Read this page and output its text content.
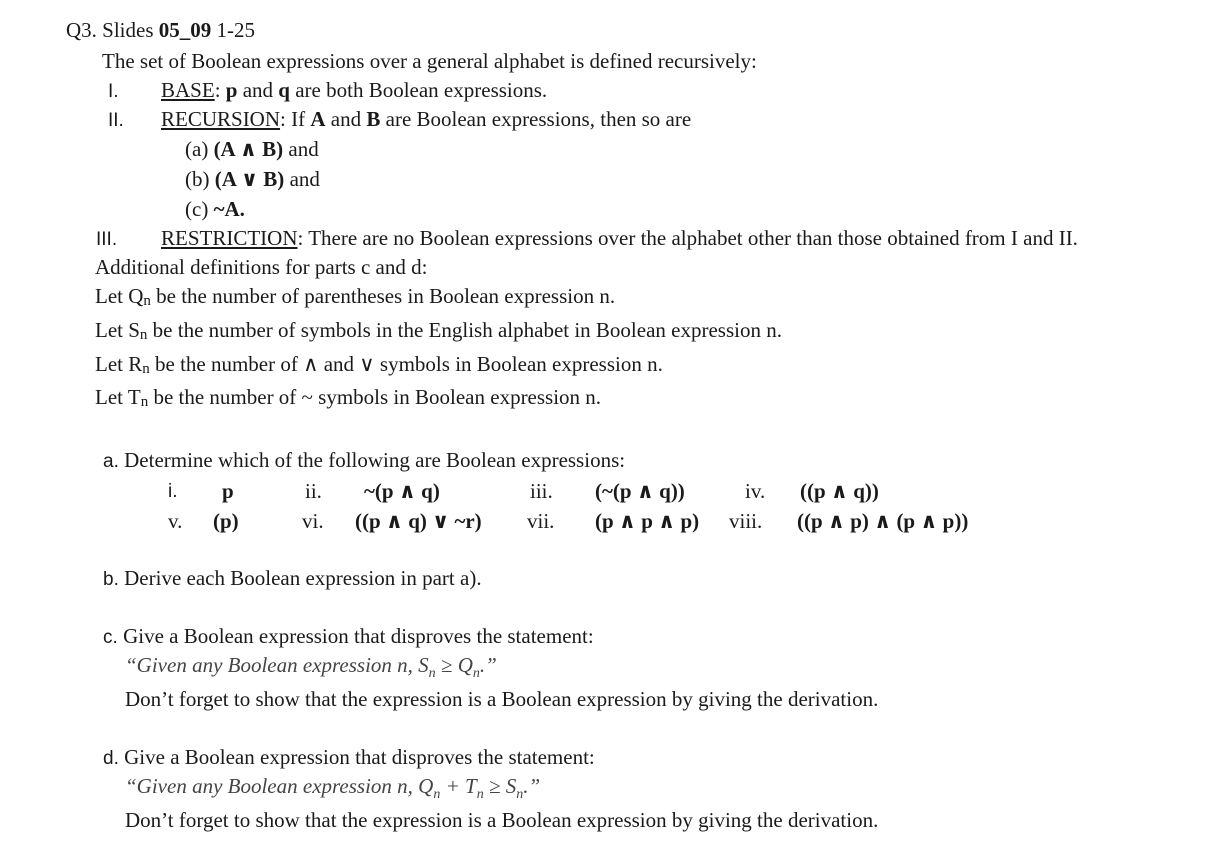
Q3. Slides 05_09 1-25
The set of Boolean expressions over a general alphabet is defined recursively:
I. BASE: p and q are both Boolean expressions.
II. RECURSION: If A and B are Boolean expressions, then so are
(a) (A ∧ B) and
(b) (A ∨ B) and
(c) ~A.
III. RESTRICTION: There are no Boolean expressions over the alphabet other than those obtained from I and II.
Additional definitions for parts c and d:
Let $Q_n$ be the number of parentheses in Boolean expression n.
Let $S_n$ be the number of symbols in the English alphabet in Boolean expression n.
Let $R_n$ be the number of ∧ and ∨ symbols in Boolean expression n.
Let $T_n$ be the number of ~ symbols in Boolean expression n.
a. Determine which of the following are Boolean expressions:
i. p	ii. ~(p ∧ q)	iii. (~(p ∧ q))	iv. ((p ∧ q))
v. (p)	vi. ((p ∧ q) ∨ ~r) vii. (p ∧ p ∧ p) viii. ((p ∧ p) ∧ (p ∧ p))
b. Derive each Boolean expression in part a).
c. Give a Boolean expression that disproves the statement:
“Given any Boolean expression n, $S_n \ge Q_n$.”
Don’t forget to show that the expression is a Boolean expression by giving the derivation.
d. Give a Boolean expression that disproves the statement:
“Given any Boolean expression n, $Q_n + T_n \ge S_n$.”
Don’t forget to show that the expression is a Boolean expression by giving the derivation.
